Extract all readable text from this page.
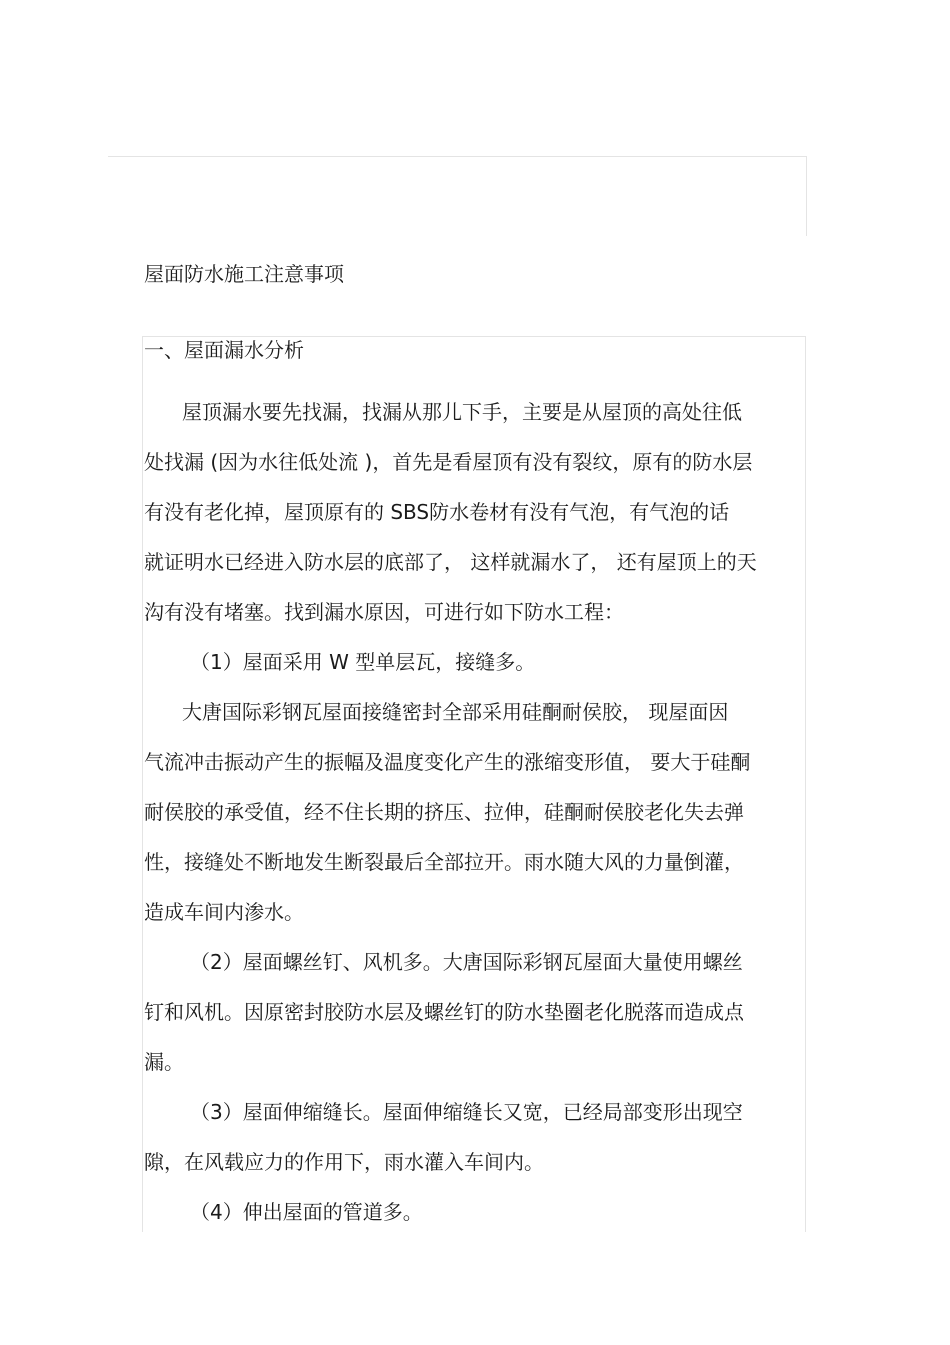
屋面防水施工注意事项
一、屋面漏水分析
屋顶漏水要先找漏，找漏从那儿下手，主要是从屋顶的高处往低
处找漏 (因为水往低处流 )，首先是看屋顶有没有裂纹，原有的防水层
有没有老化掉，屋顶原有的 SBS防水卷材有没有气泡，有气泡的话
就证明水已经进入防水层的底部了， 这样就漏水了， 还有屋顶上的天
沟有没有堵塞。找到漏水原因，可进行如下防水工程：
（1）屋面采用 W 型单层瓦，接缝多。
大唐国际彩钢瓦屋面接缝密封全部采用硅酮耐侯胶， 现屋面因
气流冲击振动产生的振幅及温度变化产生的涨缩变形值， 要大于硅酮
耐侯胶的承受值，经不住长期的挤压、拉伸，硅酮耐侯胶老化失去弹
性，接缝处不断地发生断裂最后全部拉开。雨水随大风的力量倒灌，
造成车间内渗水。
（2）屋面螺丝钉、风机多。大唐国际彩钢瓦屋面大量使用螺丝
钉和风机。因原密封胶防水层及螺丝钉的防水垫圈老化脱落而造成点
漏。
（3）屋面伸缩缝长。屋面伸缩缝长又宽，已经局部变形出现空
隙，在风载应力的作用下，雨水灌入车间内。
（4）伸出屋面的管道多。
